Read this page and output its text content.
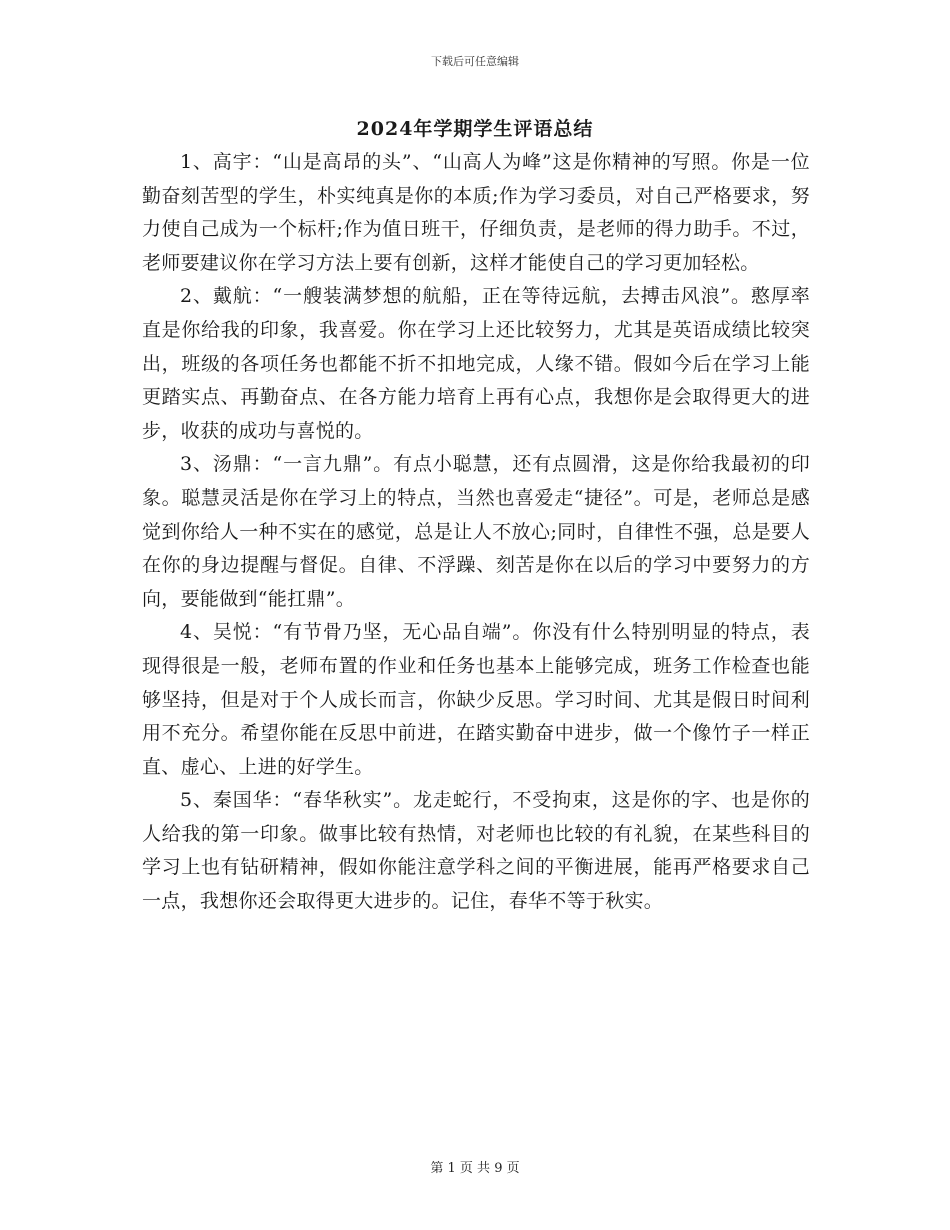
下载后可任意编辑
2024年学期学生评语总结

1、高宇：“山是高昂的头”、“山高人为峰”这是你精神的写照。你是一位勤奋刻苦型的学生，朴实纯真是你的本质;作为学习委员，对自己严格要求，努力使自己成为一个标杆;作为值日班干，仔细负责，是老师的得力助手。不过，老师要建议你在学习方法上要有创新，这样才能使自己的学习更加轻松。

2、戴航：“一艘装满梦想的航船，正在等待远航，去搏击风浪”。憨厚率直是你给我的印象，我喜爱。你在学习上还比较努力，尤其是英语成绩比较突出，班级的各项任务也都能不折不扣地完成，人缘不错。假如今后在学习上能更踏实点、再勤奋点、在各方能力培育上再有心点，我想你是会取得更大的进步，收获的成功与喜悦的。

3、汤鼎：“一言九鼎”。有点小聪慧，还有点圆滑，这是你给我最初的印象。聪慧灵活是你在学习上的特点，当然也喜爱走“捷径”。可是，老师总是感觉到你给人一种不实在的感觉，总是让人不放心;同时，自律性不强，总是要人在你的身边提醒与督促。自律、不浮躁、刻苦是你在以后的学习中要努力的方向，要能做到“能扛鼎”。

4、吴悦：“有节骨乃坚，无心品自端”。你没有什么特别明显的特点，表现得很是一般，老师布置的作业和任务也基本上能够完成，班务工作检查也能够坚持，但是对于个人成长而言，你缺少反思。学习时间、尤其是假日时间利用不充分。希望你能在反思中前进，在踏实勤奋中进步，做一个像竹子一样正直、虚心、上进的好学生。

5、秦国华：“春华秋实”。龙走蛇行，不受拘束，这是你的字、也是你的人给我的第一印象。做事比较有热情，对老师也比较的有礼貌，在某些科目的学习上也有钻研精神，假如你能注意学科之间的平衡进展，能再严格要求自己一点，我想你还会取得更大进步的。记住，春华不等于秋实。

第 1 页 共 9 页
